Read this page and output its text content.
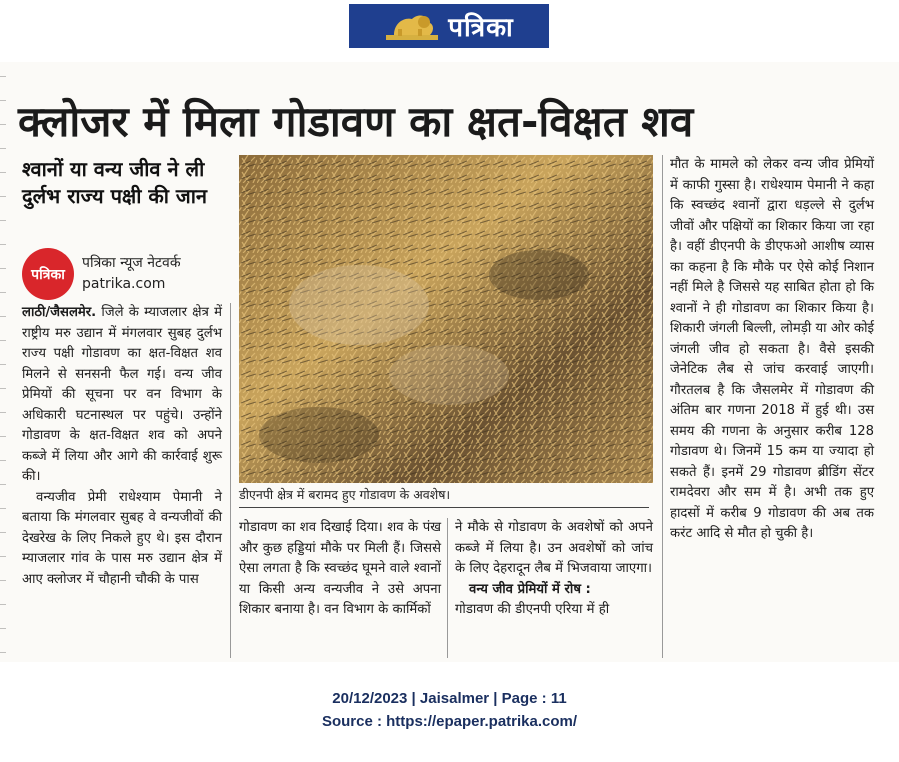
पत्रिका
क्लोजर में मिला गोडावण का क्षत-विक्षत शव
श्वानों या वन्य जीव ने ली दुर्लभ राज्य पक्षी की जान
पत्रिका
पत्रिका न्यूज नेटवर्क
patrika.com
लाठी/जैसलमेर. जिले के म्याजलार क्षेत्र में राष्ट्रीय मरु उद्यान में मंगलवार सुबह दुर्लभ राज्य पक्षी गोडावण का क्षत-विक्षत शव मिलने से सनसनी फैल गई। वन्य जीव प्रेमियों की सूचना पर वन विभाग के अधिकारी घटनास्थल पर पहुंचे। उन्होंने गोडावण के क्षत-विक्षत शव को अपने कब्जे में लिया और आगे की कार्रवाई शुरू की।
वन्यजीव प्रेमी राधेश्याम पेमानी ने बताया कि मंगलवार सुबह वे वन्यजीवों की देखरेख के लिए निकले हुए थे। इस दौरान म्याजलार गांव के पास मरु उद्यान क्षेत्र में आए क्लोजर में चौहानी चौकी के पास
डीएनपी क्षेत्र में बरामद हुए गोडावण के अवशेष।
गोडावण का शव दिखाई दिया। शव के पंख और कुछ हड्डियां मौके पर मिली हैं। जिससे ऐसा लगता है कि स्वच्छंद घूमने वाले श्वानों या किसी अन्य वन्यजीव ने उसे अपना शिकार बनाया है। वन विभाग के कार्मिकों
ने मौके से गोडावण के अवशेषों को अपने कब्जे में लिया है। उन अवशेषों को जांच के लिए देहरादून लैब में भिजवाया जाएगा।
वन्य जीव प्रेमियों में रोष :
गोडावण की डीएनपी एरिया में ही
मौत के मामले को लेकर वन्य जीव प्रेमियों में काफी गुस्सा है। राधेश्याम पेमानी ने कहा कि स्वच्छंद श्वानों द्वारा धड़ल्ले से दुर्लभ जीवों और पक्षियों का शिकार किया जा रहा है। वहीं डीएनपी के डीएफओ आशीष व्यास का कहना है कि मौके पर ऐसे कोई निशान नहीं मिले है जिससे यह साबित होता हो कि श्वानों ने ही गोडावण का शिकार किया है। शिकारी जंगली बिल्ली, लोमड़ी या ओर कोई जंगली जीव हो सकता है। वैसे इसकी जेनेटिक लैब से जांच करवाई जाएगी। गौरतलब है कि जैसलमेर में गोडावण की अंतिम बार गणना 2018 में हुई थी। उस समय की गणना के अनुसार करीब 128 गोडावण थे। जिनमें 15 कम या ज्यादा हो सकते हैं। इनमें 29 गोडावण ब्रीडिंग सेंटर रामदेवरा और सम में है। अभी तक हुए हादसों में करीब 9 गोडावण की अब तक करंट आदि से मौत हो चुकी है।
20/12/2023 | Jaisalmer | Page : 11
Source : https://epaper.patrika.com/
